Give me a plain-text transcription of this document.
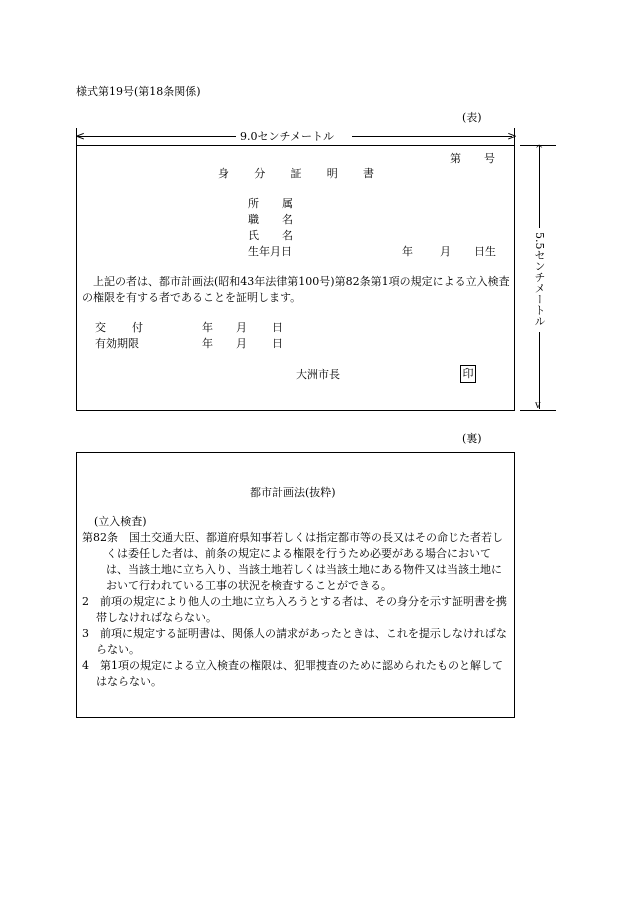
様式第19号(第18条関係)
(表)
<	>
9.0センチメートル
^
v
5.5センチメートル
第 号
身 分 証 明 書
所 属
職 名
氏 名
生年月日	年 月 日生
上記の者は、都市計画法(昭和43年法律第100号)第82条第1項の規定による立入検査の権限を有する者であることを証明します。
交 付	年 月 日
有効期限	年 月 日
大洲市長	印
(裏)
都市計画法(抜粋)
(立入検査)
第82条　国土交通大臣、都道府県知事若しくは指定都市等の長又はその命じた者若しくは委任した者は、前条の規定による権限を行うため必要がある場合においては、当該土地に立ち入り、当該土地若しくは当該土地にある物件又は当該土地において行われている工事の状況を検査することができる。
2　前項の規定により他人の土地に立ち入ろうとする者は、その身分を示す証明書を携帯しなければならない。
3　前項に規定する証明書は、関係人の請求があったときは、これを提示しなければならない。
4　第1項の規定による立入検査の権限は、犯罪捜査のために認められたものと解してはならない。
